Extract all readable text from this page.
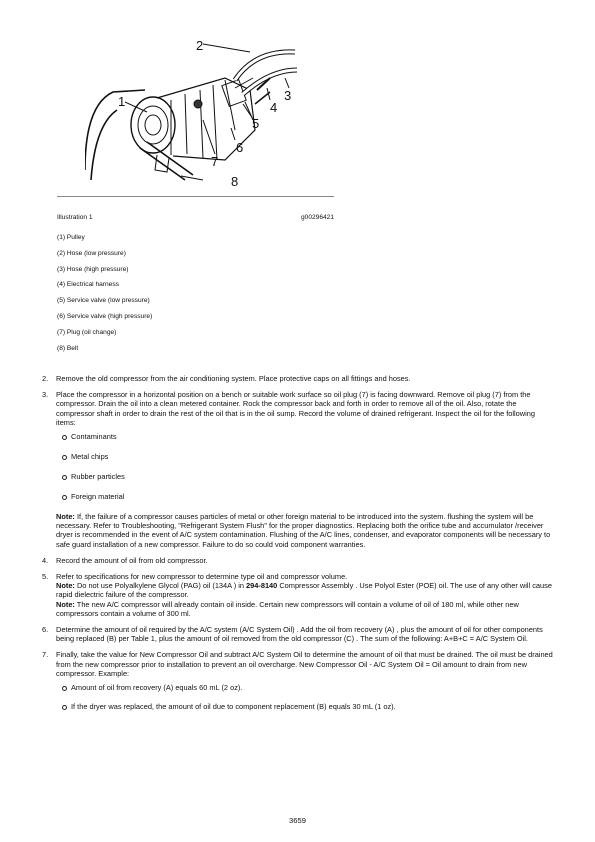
1
2
3
4
5
6
7
8
Illustration 1	g00296421
(1) Pulley
(2) Hose (low pressure)
(3) Hose (high pressure)
(4) Electrical harness
(5) Service valve (low pressure)
(6) Service valve (high pressure)
(7) Plug (oil change)
(8) Belt
2. Remove the old compressor from the air conditioning system. Place protective caps on all fittings and hoses.

3. Place the compressor in a horizontal position on a bench or suitable work surface so oil plug (7) is facing downward. Remove oil plug (7) from the compressor. Drain the oil into a clean metered container. Rock the compressor back and forth in order to remove all of the oil. Also, rotate the compressor shaft in order to drain the rest of the oil that is in the oil sump. Record the volume of drained refrigerant. Inspect the oil for the following items:

Contaminants
Metal chips
Rubber particles
Foreign material

Note: If, the failure of a compressor causes particles of metal or other foreign material to be introduced into the system. flushing the system will be necessary. Refer to Troubleshooting, "Refrigerant System Flush" for the proper diagnostics. Replacing both the orifice tube and accumulator /receiver dryer is recommended in the event of A/C system contamination. Flushing of the A/C lines, condenser, and evaporator components will be necessary to safe guard installation of a new compressor. Failure to do so could void component warranties.

4. Record the amount of oil from old compressor.

5. Refer to specifications for new compressor to determine type oil and compressor volume.

Note: Do not use Polyalkylene Glycol (PAG) oil (134A ) in 294-8140 Compressor Assembly . Use Polyol Ester (POE) oil. The use of any other will cause rapid dielectric failure of the compressor.

Note: The new A/C compressor will already contain oil inside. Certain new compressors will contain a volume of oil of 180 ml, while other new compressors contain a volume of 300 ml.

6. Determine the amount of oil required by the A/C system (A/C System Oil) . Add the oil from recovery (A) , plus the amount of oil for other components being replaced (B) per Table 1, plus the amount of oil removed from the old compressor (C) . The sum of the following: A+B+C = A/C System Oil.

7. Finally, take the value for New Compressor Oil and subtract A/C System Oil to determine the amount of oil that must be drained. The oil must be drained from the new compressor prior to installation to prevent an oil overcharge. New Compressor Oil - A/C System Oil = Oil amount to drain from new compressor. Example:

Amount of oil from recovery (A) equals 60 mL (2 oz).
If the dryer was replaced, the amount of oil due to component replacement (B) equals 30 mL (1 oz).
3659
